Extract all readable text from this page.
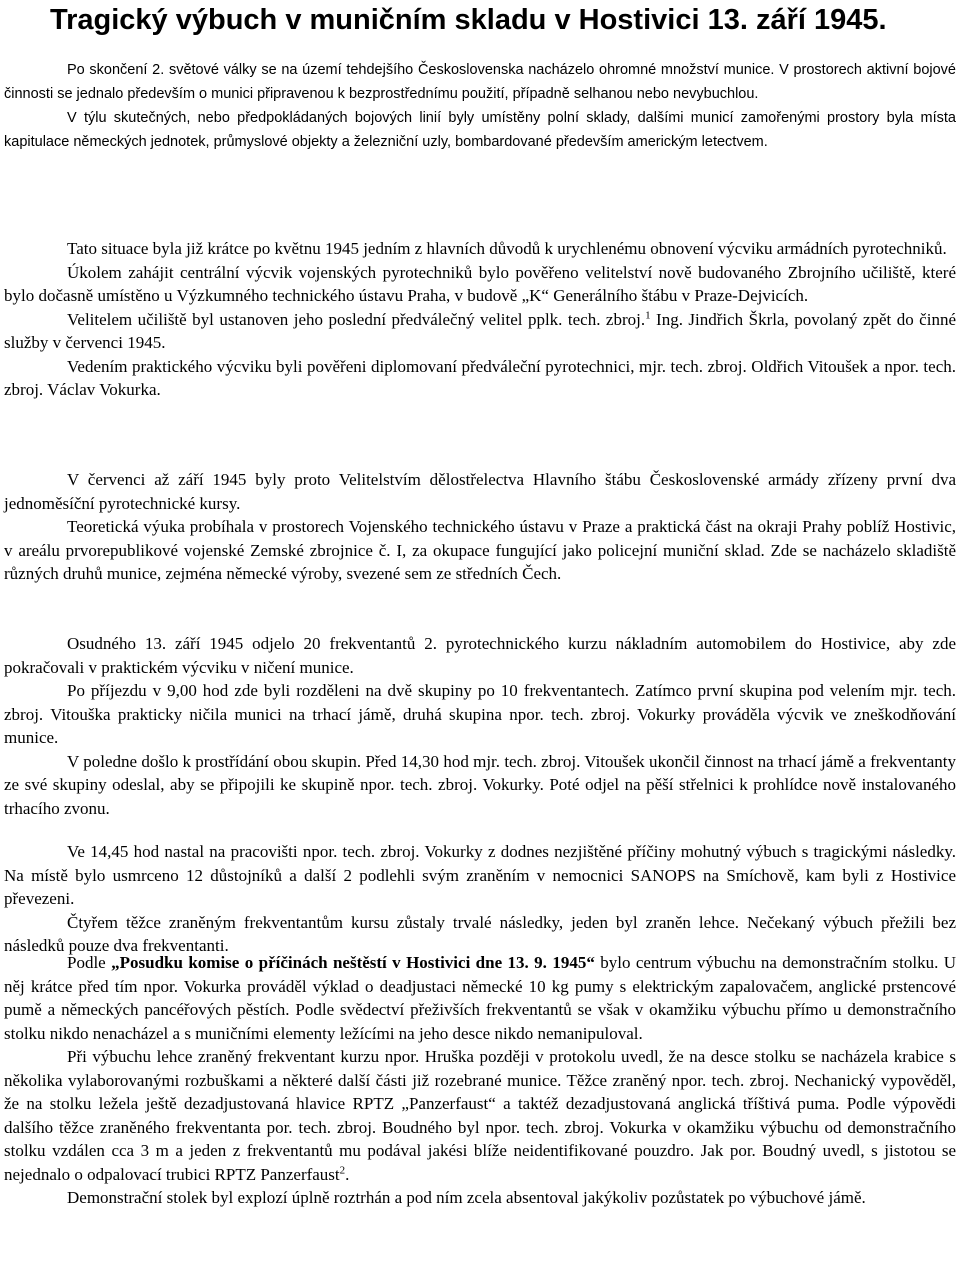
Tragický výbuch v muničním skladu v Hostivici 13. září 1945.

Po skončení 2. světové války se na území tehdejšího Československa nacházelo ohromné množství munice. V prostorech aktivní bojové činnosti se jednalo především o munici připravenou k bezprostřednímu použití, případně selhanou nebo nevybuchlou.

V týlu skutečných, nebo předpokládaných bojových linií byly umístěny polní sklady, dalšími municí zamořenými prostory byla místa kapitulace německých jednotek, průmyslové objekty a železniční uzly, bombardované především americkým letectvem.

Tato situace byla již krátce po květnu 1945 jedním z hlavních důvodů k urychlenému obnovení výcviku armádních pyrotechniků.

Úkolem zahájit centrální výcvik vojenských pyrotechniků bylo pověřeno velitelství nově budovaného Zbrojního učiliště, které bylo dočasně umístěno u Výzkumného technického ústavu Praha, v budově „K“ Generálního štábu v Praze-Dejvicích.

Velitelem učiliště byl ustanoven jeho poslední předválečný velitel pplk. tech. zbroj.$^1$ Ing. Jindřich Škrla, povolaný zpět do činné služby v červenci 1945.

Vedením praktického výcviku byli pověřeni diplomovaní předváleční pyrotechnici, mjr. tech. zbroj. Oldřich Vitoušek a npor. tech. zbroj. Václav Vokurka.

V červenci až září 1945 byly proto Velitelstvím dělostřelectva Hlavního štábu Československé armády zřízeny první dva jednoměsíční pyrotechnické kursy.

Teoretická výuka probíhala v prostorech Vojenského technického ústavu v Praze a praktická část na okraji Prahy poblíž Hostivic, v areálu prvorepublikové vojenské Zemské zbrojnice č. I, za okupace fungující jako policejní muniční sklad. Zde se nacházelo skladiště různých druhů munice, zejména německé výroby, svezené sem ze středních Čech.

Osudného 13. září 1945 odjelo 20 frekventantů 2. pyrotechnického kurzu nákladním automobilem do Hostivice, aby zde pokračovali v praktickém výcviku v ničení munice.

Po příjezdu v 9,00 hod zde byli rozděleni na dvě skupiny po 10 frekventantech. Zatímco první skupina pod velením mjr. tech. zbroj. Vitouška prakticky ničila munici na trhací jámě, druhá skupina npor. tech. zbroj. Vokurky prováděla výcvik ve zneškodňování munice.

V poledne došlo k prostřídání obou skupin. Před 14,30 hod mjr. tech. zbroj. Vitoušek ukončil činnost na trhací jámě a frekventanty ze své skupiny odeslal, aby se připojili ke skupině npor. tech. zbroj. Vokurky. Poté odjel na pěší střelnici k prohlídce nově instalovaného trhacího zvonu.

Ve 14,45 hod nastal na pracovišti npor. tech. zbroj. Vokurky z dodnes nezjištěné příčiny mohutný výbuch s tragickými následky. Na místě bylo usmrceno 12 důstojníků a další 2 podlehli svým zraněním v nemocnici SANOPS na Smíchově, kam byli z Hostivice převezeni.

Čtyřem těžce zraněným frekventantům kursu zůstaly trvalé následky, jeden byl zraněn lehce. Nečekaný výbuch přežili bez následků pouze dva frekventanti.

Podle „Posudku komise o příčinách neštěstí v Hostivici dne 13. 9. 1945“ bylo centrum výbuchu na demonstračním stolku. U něj krátce před tím npor. Vokurka prováděl výklad o deadjustaci německé 10 kg pumy s elektrickým zapalovačem, anglické prstencové pumě a německých pancéřových pěstích. Podle svědectví přeživších frekventantů se však v okamžiku výbuchu přímo u demonstračního stolku nikdo nenacházel a s muničními elementy ležícími na jeho desce nikdo nemanipuloval.

Při výbuchu lehce zraněný frekventant kurzu npor. Hruška později v protokolu uvedl, že na desce stolku se nacházela krabice s několika vylaborovanými rozbuškami a některé další části již rozebrané munice. Těžce zraněný npor. tech. zbroj. Nechanický vypověděl, že na stolku ležela ještě dezadjustovaná hlavice RPTZ „Panzerfaust“ a taktéž dezadjustovaná anglická tříštivá puma. Podle výpovědi dalšího těžce zraněného frekventanta por. tech. zbroj. Boudného byl npor. tech. zbroj. Vokurka v okamžiku výbuchu od demonstračního stolku vzdálen cca 3 m a jeden z frekventantů mu podával jakési blíže neidentifikované pouzdro. Jak por. Boudný uvedl, s jistotou se nejednalo o odpalovací trubici RPTZ Panzerfaust$^2$.

Demonstrační stolek byl explozí úplně roztrhán a pod ním zcela absentoval jakýkoliv pozůstatek po výbuchové jámě.
